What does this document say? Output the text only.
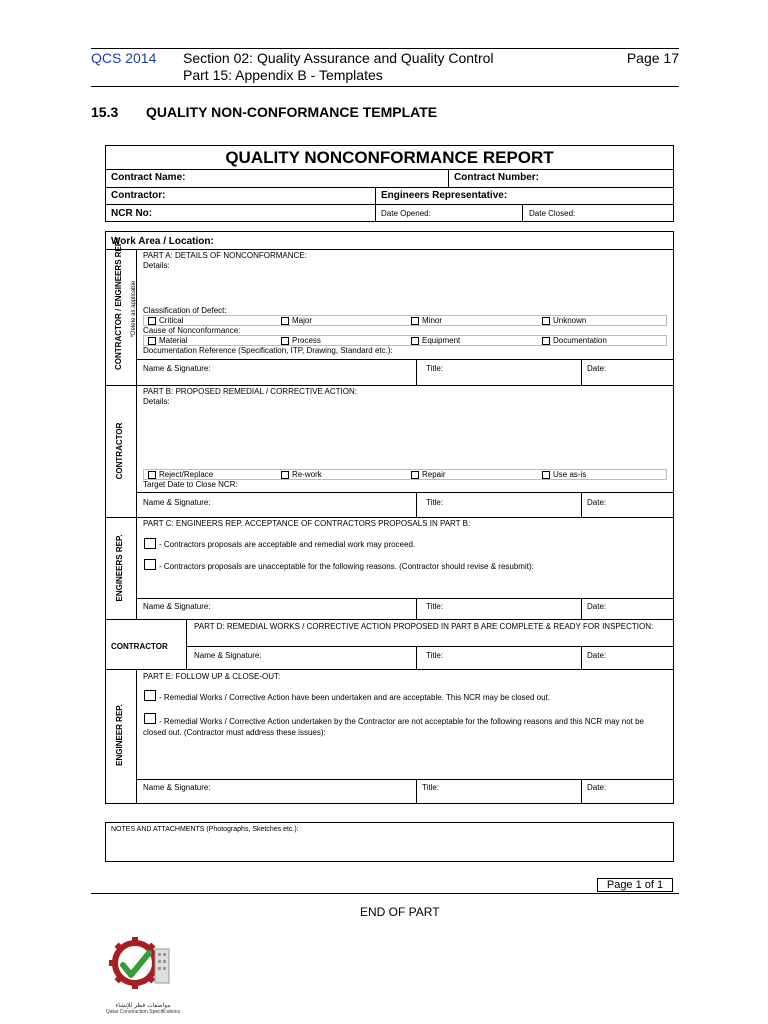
QCS 2014 Section 02: Quality Assurance and Quality Control
Part 15: Appendix B - Templates
Page 17
15.3 QUALITY NON-CONFORMANCE TEMPLATE
QUALITY NONCONFORMANCE REPORT
Contract Name:	Contract Number:
Contractor:	Engineers Representative:
NCR No:	Date Opened:	Date Closed:
Work Area / Location:
CONTRACTOR / ENGINEERS REP*	*Delete as applicable
PART A: DETAILS OF NONCONFORMANCE:
Details:
Classification of Defect:
Critical	Major	Minor	Unknown
Cause of Nonconformance:
Material	Process	Equipment	Documentation
Documentation Reference (Specification, ITP, Drawing, Standard etc.):
Name & Signature:	Title:	Date:
CONTRACTOR
PART B: PROPOSED REMEDIAL / CORRECTIVE ACTION:
Details:
Reject/Replace	Re-work	Repair	Use as-is
Target Date to Close NCR:
Name & Signature:	Title:	Date:
ENGINEERS REP.
PART C: ENGINEERS REP. ACCEPTANCE OF CONTRACTORS PROPOSALS IN PART B:
- Contractors proposals are acceptable and remedial work may proceed.
- Contractors proposals are unacceptable for the following reasons. (Contractor should revise & resubmit):
Name & Signature:	Title:	Date:
CONTRACTOR
PART D: REMEDIAL WORKS / CORRECTIVE ACTION PROPOSED IN PART B ARE COMPLETE & READY FOR INSPECTION:
Name & Signature:	Title:	Date:
ENGINEER REP.
PART E: FOLLOW UP & CLOSE-OUT:
- Remedial Works / Corrective Action have been undertaken and are acceptable. This NCR may be closed out.
- Remedial Works / Corrective Action undertaken by the Contractor are not acceptable for the following reasons and this NCR may not be closed out. (Contractor must address these issues):
Name & Signature:	Title:	Date:
NOTES AND ATTACHMENTS (Photographs, Sketches etc.):
Page 1 of 1
END OF PART
مواصفات قطر للإنشاء
Qatar Construction Specifications
